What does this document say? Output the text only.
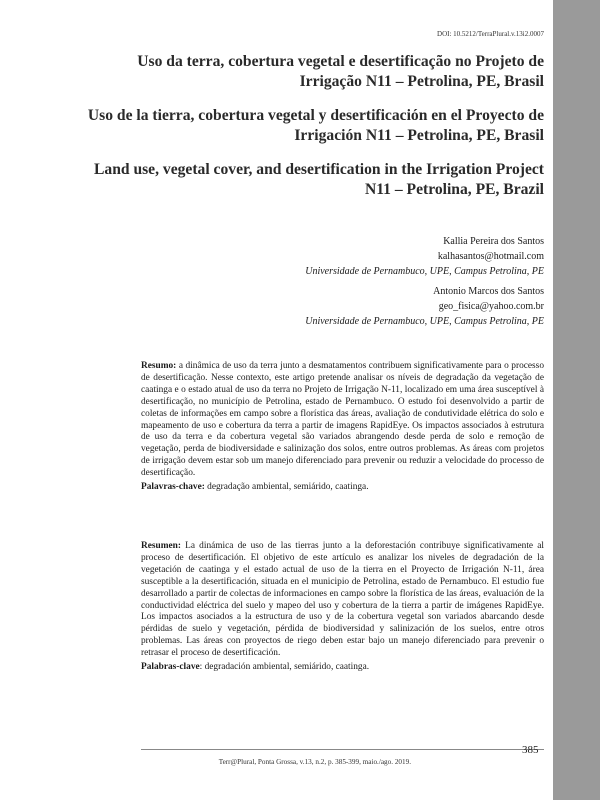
DOI: 10.5212/TerraPlural.v.13i2.0007
Uso da terra, cobertura vegetal e desertificação no Projeto de Irrigação N11 – Petrolina, PE, Brasil
Uso de la tierra, cobertura vegetal y desertificación en el Proyecto de Irrigación N11 – Petrolina, PE, Brasil
Land use, vegetal cover, and desertification in the Irrigation Project N11 – Petrolina, PE, Brazil
Kallia Pereira dos Santos
kalhasantos@hotmail.com
Universidade de Pernambuco, UPE, Campus Petrolina, PE
Antonio Marcos dos Santos
geo_fisica@yahoo.com.br
Universidade de Pernambuco, UPE, Campus Petrolina, PE

Resumo: a dinâmica de uso da terra junto a desmatamentos contribuem significativamente para o processo de desertificação. Nesse contexto, este artigo pretende analisar os níveis de degradação da vegetação de caatinga e o estado atual de uso da terra no Projeto de Irrigação N-11, localizado em uma área susceptível à desertificação, no município de Petrolina, estado de Pernambuco. O estudo foi desenvolvido a partir de coletas de informações em campo sobre a florística das áreas, avaliação de condutividade elétrica do solo e mapeamento de uso e cobertura da terra a partir de imagens RapidEye. Os impactos associados à estrutura de uso da terra e da cobertura vegetal são variados abrangendo desde perda de solo e remoção de vegetação, perda de biodiversidade e salinização dos solos, entre outros problemas. As áreas com projetos de irrigação devem estar sob um manejo diferenciado para prevenir ou reduzir a velocidade do processo de desertificação.

Palavras-chave: degradação ambiental, semiárido, caatinga.

Resumen: La dinámica de uso de las tierras junto a la deforestación contribuye significativamente al proceso de desertificación. El objetivo de este artículo es analizar los niveles de degradación de la vegetación de caatinga y el estado actual de uso de la tierra en el Proyecto de Irrigación N-11, área susceptible a la desertificación, situada en el municipio de Petrolina, estado de Pernambuco. El estudio fue desarrollado a partir de colectas de informaciones en campo sobre la florística de las áreas, evaluación de la conductividad eléctrica del suelo y mapeo del uso y cobertura de la tierra a partir de imágenes RapidEye. Los impactos asociados a la estructura de uso y de la cobertura vegetal son variados abarcando desde pérdidas de suelo y vegetación, pérdida de biodiversidad y salinización de los suelos, entre otros problemas. Las áreas con proyectos de riego deben estar bajo un manejo diferenciado para prevenir o retrasar el proceso de desertificación.

Palabras-clave: degradación ambiental, semiárido, caatinga.

Terr@Plural, Ponta Grossa, v.13, n.2, p. 385-399, maio./ago. 2019.
385
